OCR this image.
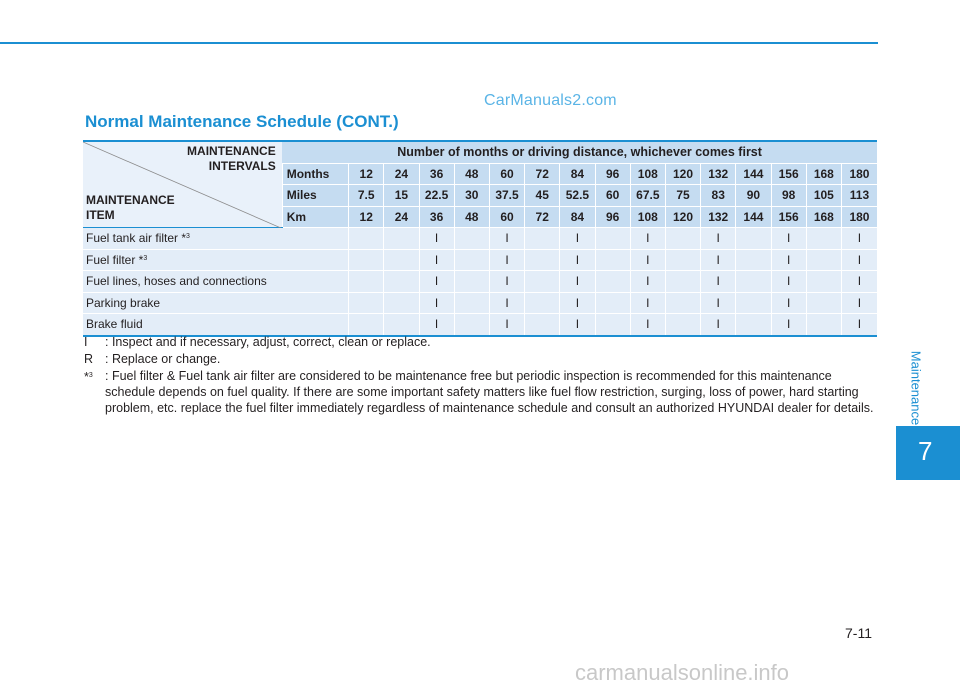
CarManuals2.com
Normal Maintenance Schedule (CONT.)
MAINTENANCE
INTERVALS
MAINTENANCE
ITEM	Number of months or driving distance, whichever comes first															
	Months	12	24	36	48	60	72	84	96	108	120	132	144	156	168	180
	Miles	7.5	15	22.5	30	37.5	45	52.5	60	67.5	75	83	90	98	105	113
	Km	12	24	36	48	60	72	84	96	108	120	132	144	156	168	180
Fuel tank air filter *$^3$				I		I		I		I		I		I		I
Fuel filter *$^3$				I		I		I		I		I		I		I
Fuel lines, hoses and connections				I		I		I		I		I		I		I
Parking brake				I		I		I		I		I		I		I
Brake fluid				I		I		I		I		I		I		I
I : Inspect and if necessary, adjust, correct, clean or replace.
R : Replace or change.
*$^3$ : Fuel filter & Fuel tank air filter are considered to be maintenance free but periodic inspection is recommended for this maintenance schedule depends on fuel quality. If there are some important safety matters like fuel flow restriction, surging, loss of power, hard starting problem, etc. replace the fuel filter immediately regardless of maintenance schedule and consult an authorized HYUNDAI dealer for details.	Maintenance
7
7-11
carmanualsonline.info
